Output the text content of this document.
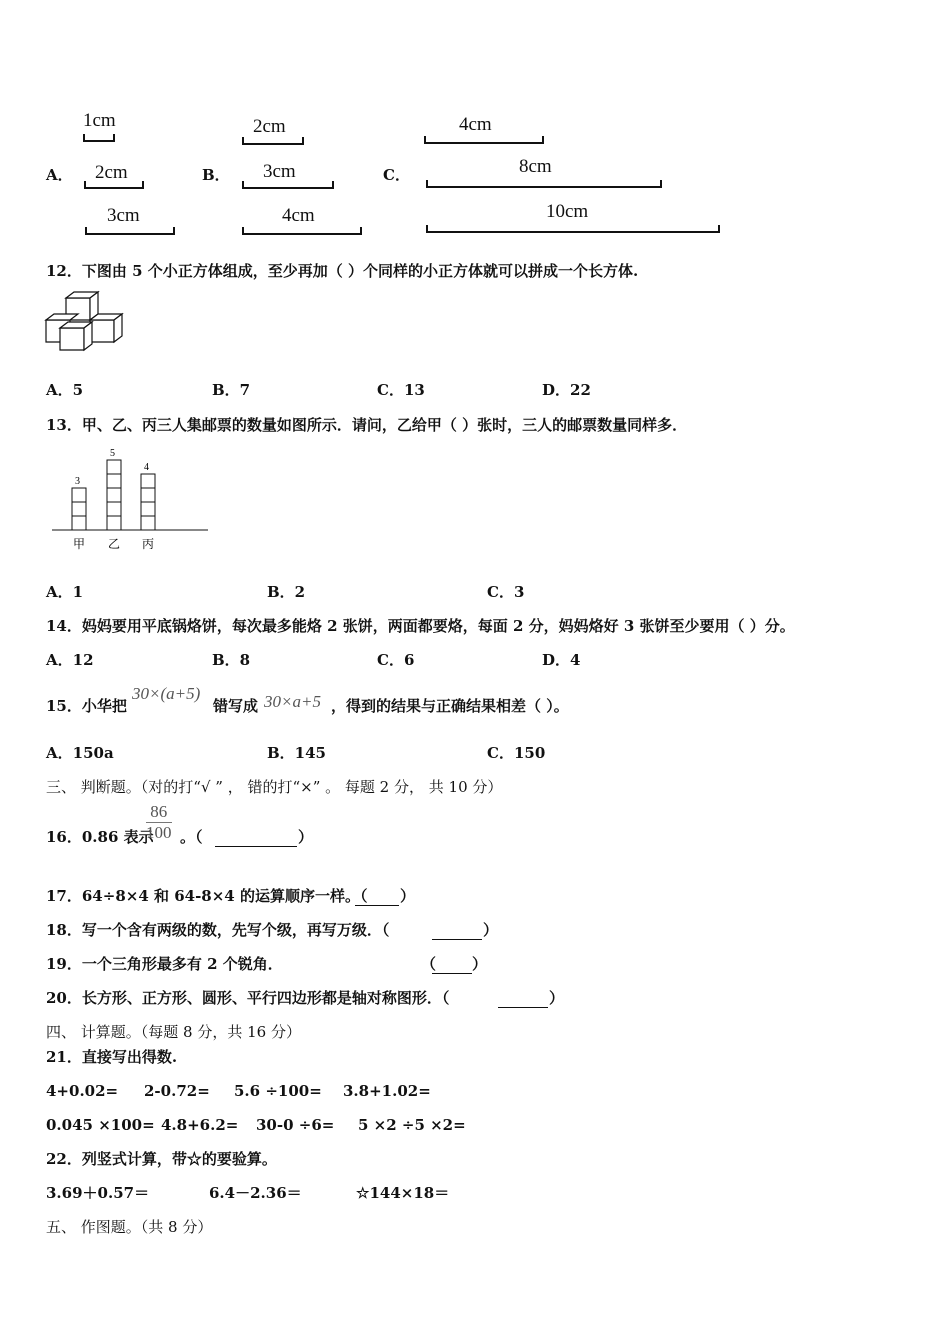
A．	B．	C．
1cm
2cm
3cm
2cm
3cm
4cm
4cm
8cm
10cm
12．下图由 5 个小正方体组成，至少再加（ ）个同样的小正方体就可以拼成一个长方体.
A．5	B．7	C．13	D．22
13．甲、乙、丙三人集邮票的数量如图所示．请问，乙给甲（ ）张时，三人的邮票数量同样多．
3
甲
5
乙
4
丙
A．1	B．2	C．3
14．妈妈要用平底锅烙饼，每次最多能烙 2 张饼，两面都要烙，每面 2 分，妈妈烙好 3 张饼至少要用（ ）分。
A．12	B．8	C．6	D．4
15．小华把
30×(a+5)
错写成 30×a+5 ，得到的结果与正确结果相差（ ）。
A．150a	B．145	C．150
三、 判断题。（对的打“√ ” ， 错的打“×” 。 每题 2 分， 共 10 分）
16．0.86 表示
$\frac{86}{100}$ 。（
	）
17．64÷8×4 和 64-8×4 的运算顺序一样。（
）
18．写一个含有两级的数，先写个级，再写万级．（
	）
19．一个三角形最多有 2 个锐角．	（
）
20．长方形、正方形、圆形、平行四边形都是轴对称图形．（
	）
四、 计算题。（每题 8 分，共 16 分）
21．直接写出得数.
4+0.02= 2-0.72= 5.6 ÷100= 3.8+1.02=
0.045 ×100= 4.8+6.2= 30-0 ÷6= 5 ×2 ÷5 ×2=
22．列竖式计算，带☆的要验算。
3.69＋0.57＝	6.4－2.36＝	☆144×18＝
五、 作图题。（共 8 分）
